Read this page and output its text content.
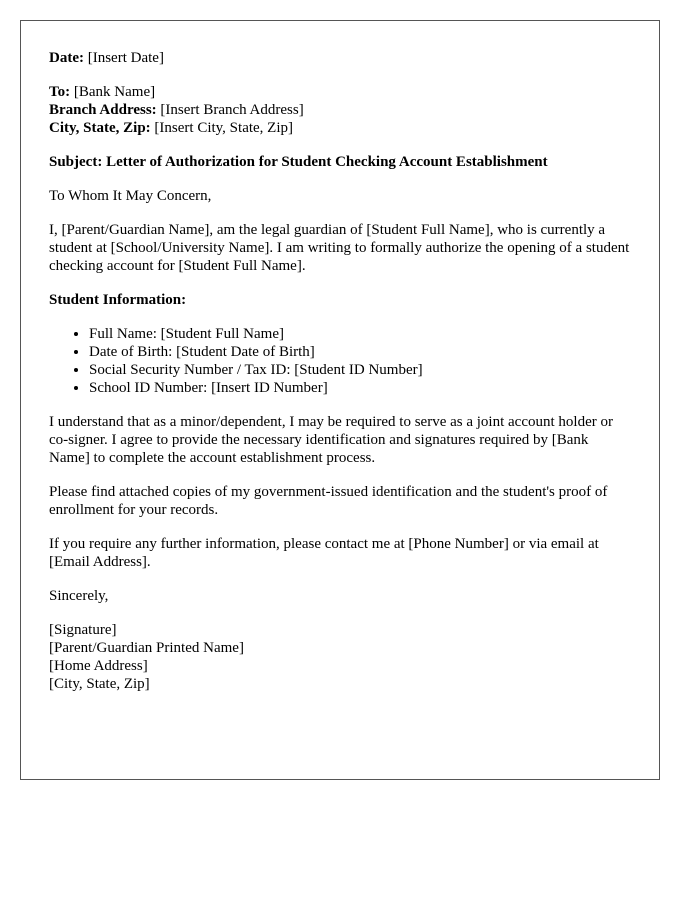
Date: [Insert Date]

To: [Bank Name]

Branch Address: [Insert Branch Address]

City, State, Zip: [Insert City, State, Zip]

Subject: Letter of Authorization for Student Checking Account Establishment

To Whom It May Concern,

I, [Parent/Guardian Name], am the legal guardian of [Student Full Name], who is currently a student at [School/University Name]. I am writing to formally authorize the opening of a student checking account for [Student Full Name].

Student Information:

• Full Name: [Student Full Name]
• Date of Birth: [Student Date of Birth]
• Social Security Number / Tax ID: [Student ID Number]
• School ID Number: [Insert ID Number]

I understand that as a minor/dependent, I may be required to serve as a joint account holder or co-signer. I agree to provide the necessary identification and signatures required by [Bank Name] to complete the account establishment process.

Please find attached copies of my government-issued identification and the student's proof of enrollment for your records.

If you require any further information, please contact me at [Phone Number] or via email at [Email Address].

Sincerely,

[Signature]

[Parent/Guardian Printed Name]

[Home Address]

[City, State, Zip]
